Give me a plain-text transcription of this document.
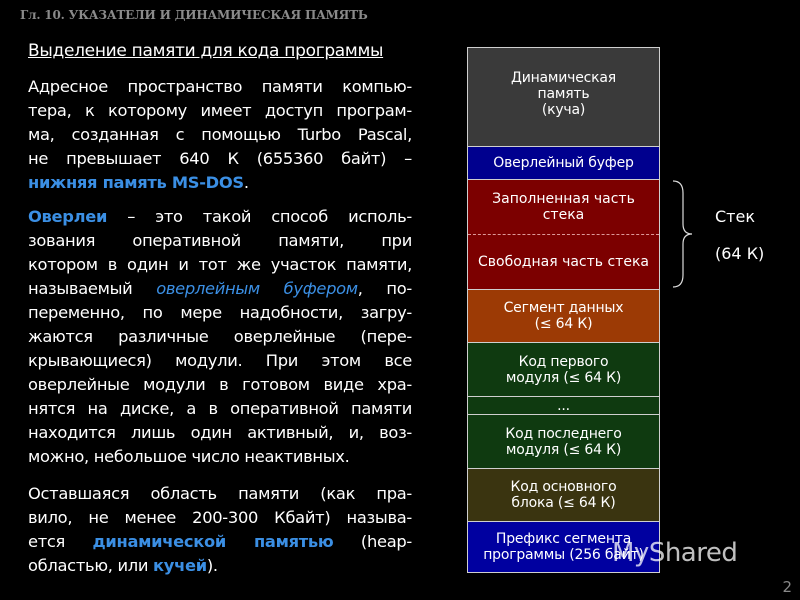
Гл. 10. УКАЗАТЕЛИ И ДИНАМИЧЕСКАЯ ПАМЯТЬ
Выделение памяти для кода программы
Адресное пространство памяти компью-
тера, к которому имеет доступ програм-
ма, созданная с помощью Turbo Pascal,
не превышает 640 К (655360 байт) –
нижняя память MS-DOS.
Оверлеи – это такой способ исполь-
зования оперативной памяти, при
котором в один и тот же участок памяти,
называемый оверлейным буфером, по-
переменно, по мере надобности, загру-
жаются различные оверлейные (пере-
крывающиеся) модули. При этом все
оверлейные модули в готовом виде хра-
нятся на диске, а в оперативной памяти
находится лишь один активный, и, воз-
можно, небольшое число неактивных.
Оставшаяся область памяти (как пра-
вило, не менее 200-300 Кбайт) называ-
ется динамической памятью (heap-
областью, или кучей).
Динамическая
память
(куча)
Оверлейный буфер
Заполненная часть
стека
Свободная часть стека
Сегмент данных
(≤ 64 К)
Код первого
модуля (≤ 64 К)
...
Код последнего
модуля (≤ 64 К)
Код основного
блока (≤ 64 К)
Префикс сегмента
программы (256 байт)
Стек
(64 К)
MyShared
2
